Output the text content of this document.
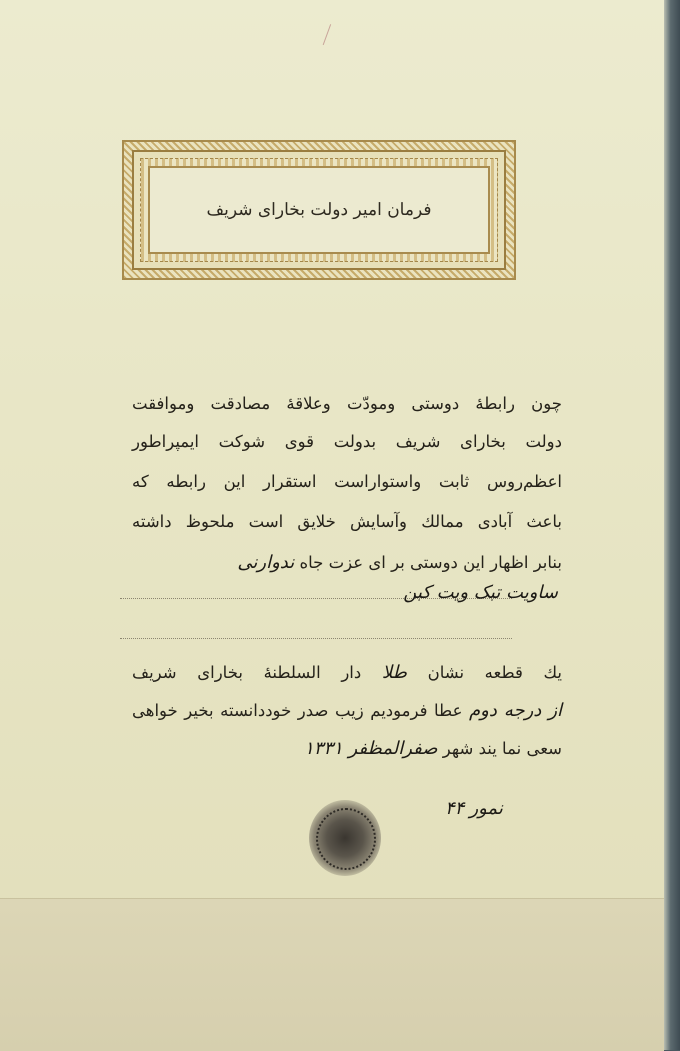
فرمان امیر دولت بخارای شریف
چون رابطهٔ دوستی ومودّت وعلاقهٔ مصادقت وموافقت
دولت بخارای شریف بدولت قوی شوکت ایمپراطور
اعظم‌روس ثابت واستواراست استقرار این رابطه که
باعث آبادی ممالك وآسایش خلایق است ملحوظ داشته
بنابر اظهار این دوستی بر ای عزت جاه ندوارنی
ساویت تبک ویت کبن
یك قطعه نشان طلا دار السلطنهٔ بخارای شریف
از درجه دوم عطا فرمودیم زیب صدر خوددانسته بخیر خواهی
سعی نما یند شهر صفرالمظفر ۱۳۳۱
نمور ۴۴
